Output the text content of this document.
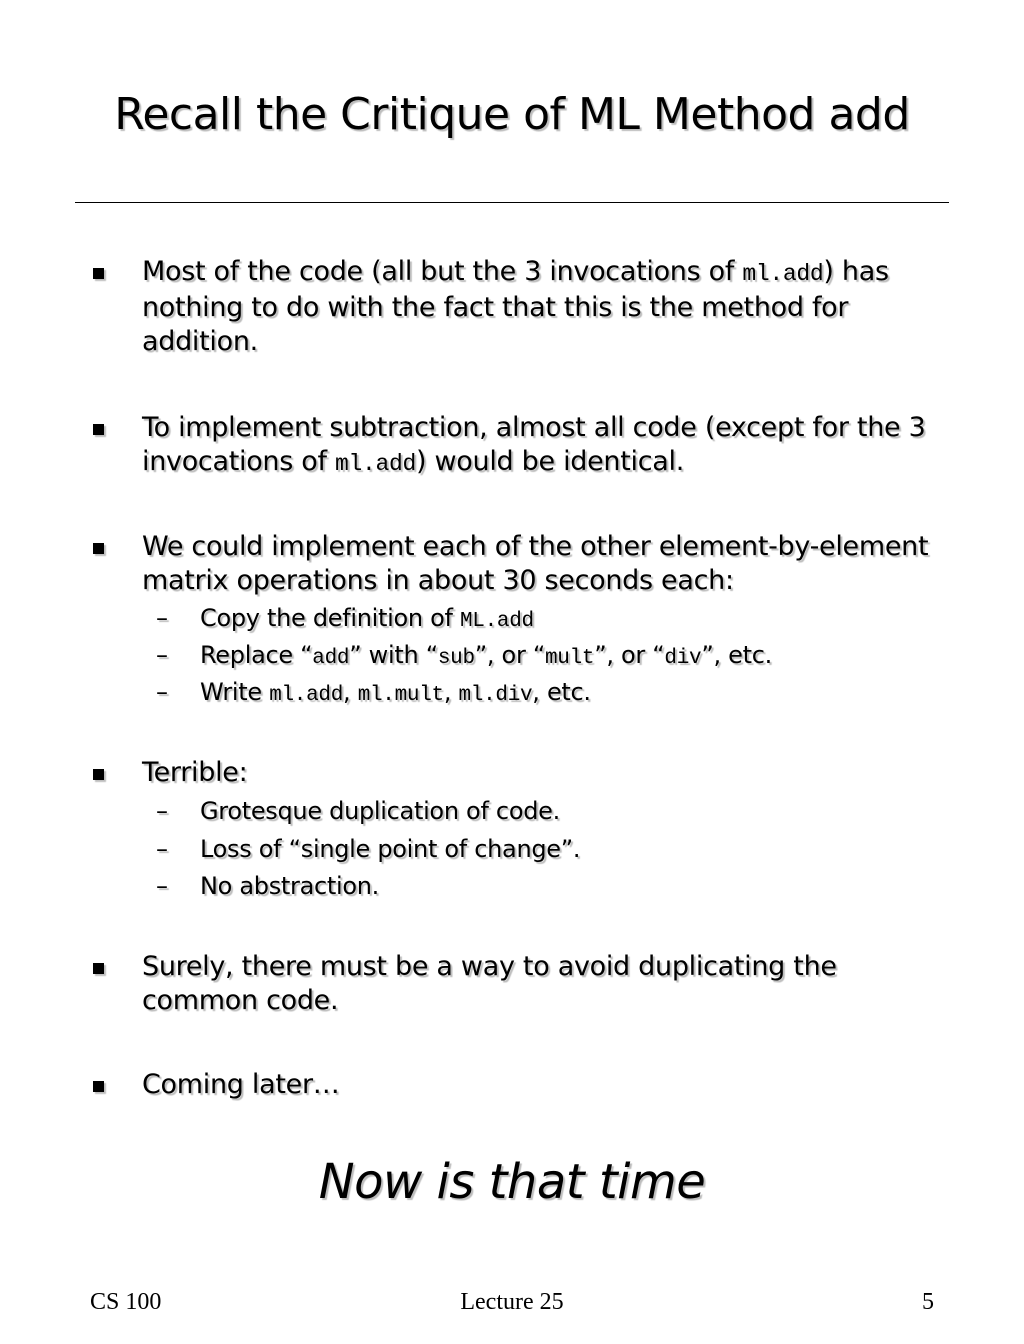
Recall the Critique of ML Method add
Most of the code (all but the 3 invocations of ml.add) has nothing to do with the fact that this is the method for addition.
To implement subtraction, almost all code (except for the 3 invocations of ml.add) would be identical.
We could implement each of the other element-by-element matrix operations in about 30 seconds each:
– Copy the definition of ML.add
– Replace “add” with “sub”, or “mult”, or “div”, etc.
– Write ml.add, ml.mult, ml.div, etc.
Terrible:
– Grotesque duplication of code.
– Loss of “single point of change”.
– No abstraction.
Surely, there must be a way to avoid duplicating the common code.
Coming later…
Now is that time
CS 100	Lecture 25	5
